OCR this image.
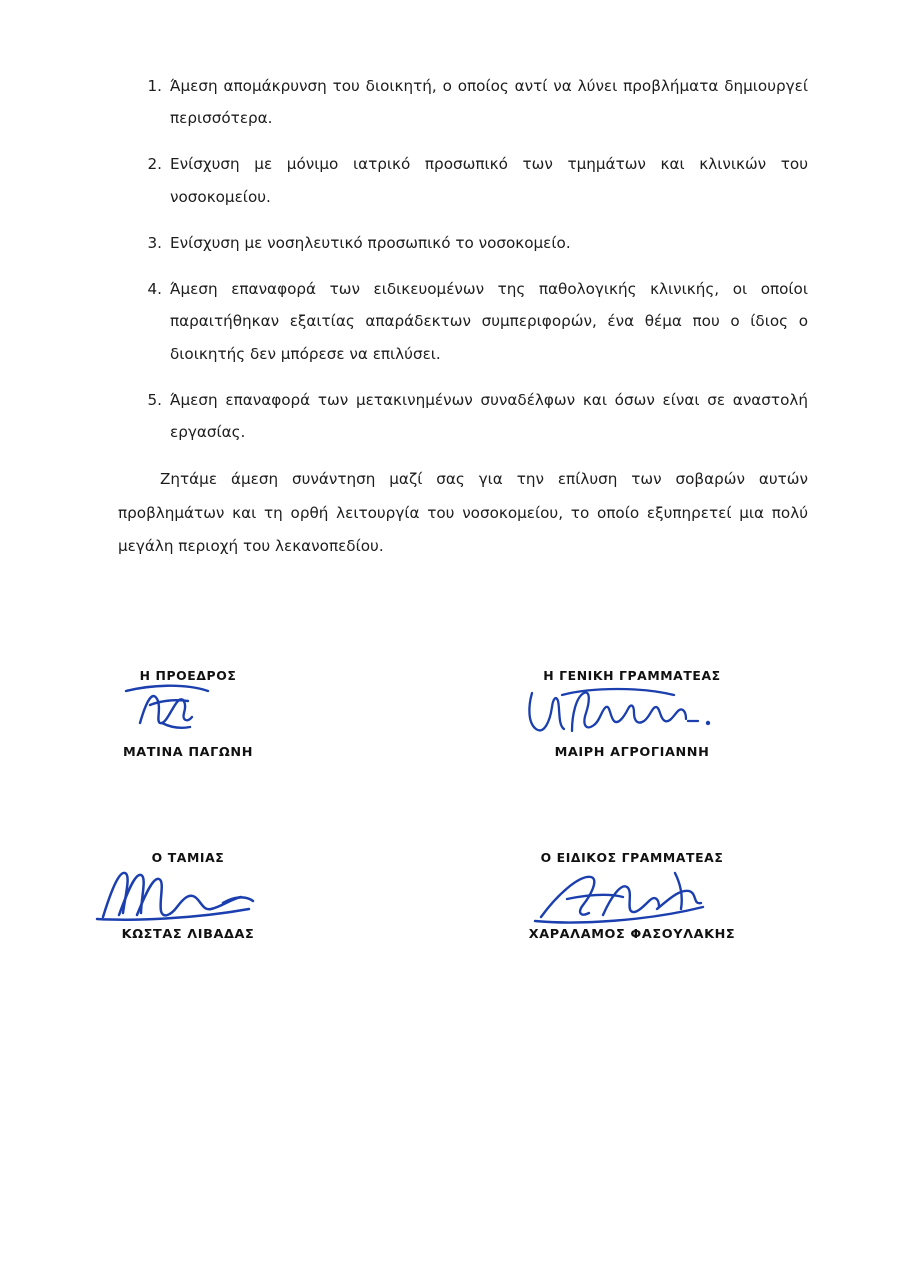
1. Άμεση απομάκρυνση του διοικητή, ο οποίος αντί να λύνει προβλήματα δημιουργεί περισσότερα.
2. Ενίσχυση με μόνιμο ιατρικό προσωπικό των τμημάτων και κλινικών του νοσοκομείου.
3. Ενίσχυση με νοσηλευτικό προσωπικό το νοσοκομείο.
4. Άμεση επαναφορά των ειδικευομένων της παθολογικής κλινικής, οι οποίοι παραιτήθηκαν εξαιτίας απαράδεκτων συμπεριφορών, ένα θέμα που ο ίδιος ο διοικητής δεν μπόρεσε να επιλύσει.
5. Άμεση επαναφορά των μετακινημένων συναδέλφων και όσων είναι σε αναστολή εργασίας.

Ζητάμε άμεση συνάντηση μαζί σας για την επίλυση των σοβαρών αυτών προβλημάτων και τη ορθή λειτουργία του νοσοκομείου, το οποίο εξυπηρετεί μια πολύ μεγάλη περιοχή του λεκανοπεδίου.

Η ΠΡΟΕΔΡΟΣ
ΜΑΤΙΝΑ ΠΑΓΩΝΗ
Η ΓΕΝΙΚΗ ΓΡΑΜΜΑΤΕΑΣ
ΜΑΙΡΗ ΑΓΡΟΓΙΑΝΝΗ
Ο ΤΑΜΙΑΣ
ΚΩΣΤΑΣ ΛΙΒΑΔΑΣ
Ο ΕΙΔΙΚΟΣ ΓΡΑΜΜΑΤΕΑΣ
ΧΑΡΑΛΑΜΟΣ ΦΑΣΟΥΛΑΚΗΣ
